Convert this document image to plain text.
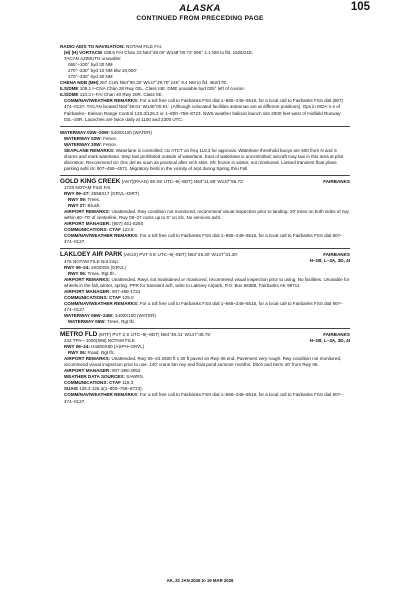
ALASKA	105
CONTINUED FROM PRECEDING PAGE
RADIO AIDS TO NAVIGATION: NOTAM FILE FAI.
(H) (H) VORTACW 108.6 FAI Chan 23 N64°48.00′ W148°00.72′ 056° 4.1 NM to fld. 1526/21E.
TACAN AZIMUTH unusable:
065°–100° byd 30 NM
270°–330° byd 10 NM blw 10,000′
270°–330° byd 30 NM
CHENA NDB (MH) 257 CUN N64°50.32′ W147°29.70′ 245° 9.4 NM to fld. 462/17E.
ILS/DME 109.1 I–CNA Chan 28 Rwy 02L. Class IIIE. DME unusable byd 025° left of course.
ILS/DME 110.3 I–FAI Chan 40 Rwy 20R. Class IIE.
COMM/NAV/WEATHER REMARKS: For a toll free call to Fairbanks FSS dial 1–866–248–6516, for a local call to Fairbanks FSS dial (907) 474–0137. TACAN located N64°48.01′ W148°00.81′. (Although colocated facilities antennae are at different positions). Ops in MOA`s e of Fairbanks– Eielson Range Control 125.3/126.3 or 1–800–758–8723. NWS weather balloon launch site 2000 feet west of midfield Runway 02L–20R. Launches are twice daily at 1100 and 2300 UTC.
WATERWAY 02W–20W: 5400X100 (WATER)
WATERWAY 02W: Fence.
WATERWAY 20W: Fence.
SEAPLANE REMARKS: Waterlane is controlled; ctc ATCT on freq 118.3 for approval. Waterlane threshold buoys are 500 from N and S shores and mark waterlane. Step taxi prohibited outside of waterlane. East of waterlane is uncontrolled; aircraft may taxi in this area at pilot discretion. Recommend ctc clnc del as soon as practical after srch start. Sfc frozen in winter, not monitored. Limited transient float plane parking avbl ctc 907–455–4571. Migratory birds in the vicinity of arpt during Spring thru Fall.
GOLD KING CREEK (AK7)(PAAN) 39 SE UTC–9(–8DT) N64°11.88′ W147°55.72′	FAIRBANKS
1720 NOTAM FILE FAI
RWY 09–27: 2558X17 (GRVL–DIRT)
RWY 09: Trees.
RWY 27: Brush.
AIRPORT REMARKS: Unattended. Rwy condition not monitored, recommend visual inspection prior to landing. 20′ trees on both sides of rwy within 60–70′ of centerline. Rwy 09–27 rocks up to 6″ on sfc. No services avbl.
AIRPORT MANAGER: (907) 451-5280
COMMUNICATIONS: CTAF 122.9
COMM/NAV/WEATHER REMARKS: For a toll free call to Fairbanks FSS dial 1–866–248–6516, for a local call to Fairbanks FSS dial 907–474–0137.
LAKLOEY AIR PARK (AK22) PVT 6 E UTC–9(–8DT) N64°49.30′ W147°31.30′	FAIRBANKS
H–1B, L–3A, 3D, 4I
475 NOTAM FILE Not insp.
RWY 06–24: 4000X50 (GRVL)
RWY 06: Trees. Rgt tfc.
AIRPORT REMARKS: Unattended. Rwys not maintained or monitored, recommend visual inspection prior to using. No facilities. Unusable for wheels in the fall, winter, spring. PPR for transient acft, write to Lakloey Airpark, P.O. Box 58388, Fairbanks AK 99711.
AIRPORT MANAGER: 907-488-1724
COMMUNICATIONS: CTAF 125.0
COMM/NAV/WEATHER REMARKS: For a toll free call to Fairbanks FSS dial 1–866–248–6516, for a local call to Fairbanks FSS dial 907–474–0137.
WATERWAY 06W–24W: 3400X100 (WATER)
WATERWAY 06W: Trees. Rgt tfc.
METRO FLD (MTF) PVT 2 S UTC–9(–8DT) N64°48.41′ W147°45.75′	FAIRBANKS
H–1B, L–3A, 3D, 4I
432 TPA—1000(568) NOTAM FILE
RWY 06–24: H4600X80 (ASPH–GRVL)
RWY 06: Road. Rgt tfc.
AIRPORT REMARKS: Unattended. Rwy 06–24 2600 ft x 30 ft paved on Rwy 06 end. Pavement very rough. Rwy condition not monitored, recommend visual inspection prior to use. 140′ crane btn rwy and float pond summer months. Ditch and berm 40′ from Rwy 06.
AIRPORT MANAGER: 907-388-3053
WEATHER DATA SOURCES: SAWRS.
COMMUNICATIONS: CTAF 118.3
SUAIS 125.3 126.3(1–800–758–8723).
COMM/NAV/WEATHER REMARKS: For a toll free call to Fairbanks FSS dial 1–866–248–6516, for a local call to Fairbanks FSS dial 907–474–0137.
AK, 22 JAN 2026 to 19 MAR 2026
